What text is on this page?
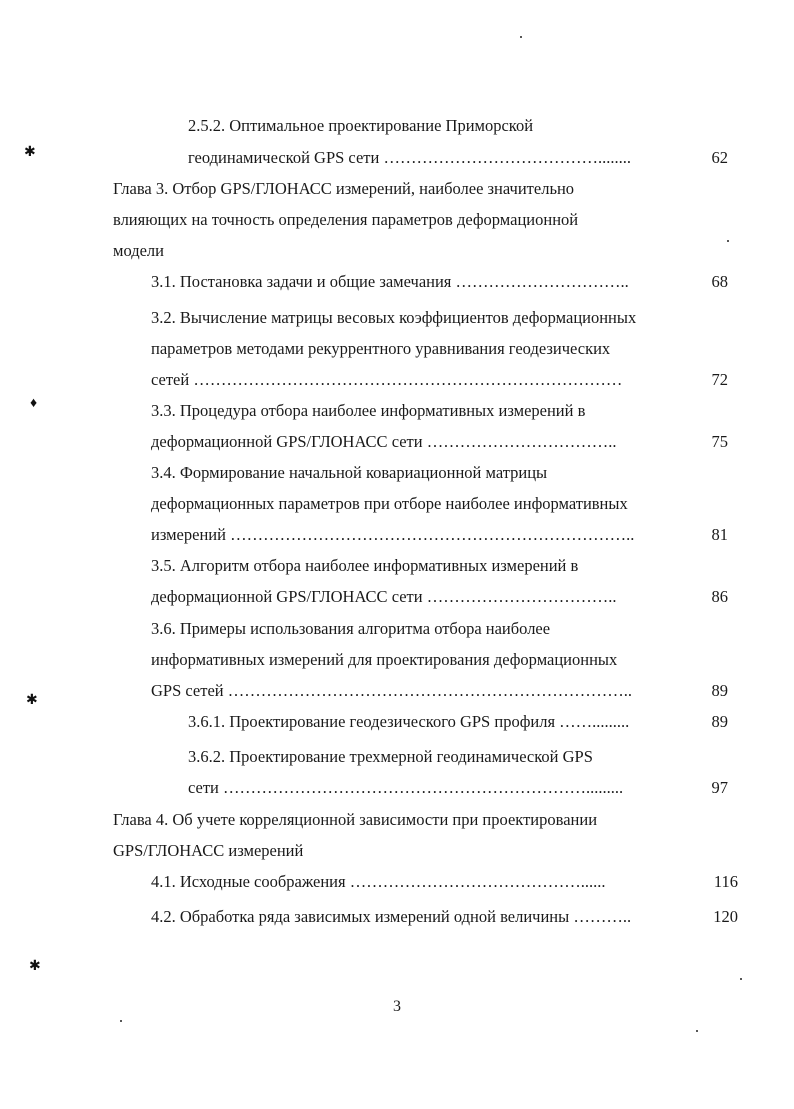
✱
♦
✱
✱
2.5.2. Оптимальное проектирование Приморской
геодинамической GPS сети …………………………………........	62
Глава 3. Отбор GPS/ГЛОНАСС измерений, наиболее значительно
влияющих на точность определения параметров деформационной
модели
3.1. Постановка задачи и общие замечания …………………………..	68
3.2. Вычисление матрицы весовых коэффициентов деформационных
параметров методами рекуррентного уравнивания геодезических
сетей ……………………………………………………………………	72
3.3. Процедура отбора наиболее информативных измерений в
деформационной GPS/ГЛОНАСС сети ……………………………..	75
3.4. Формирование начальной ковариационной матрицы
деформационных параметров при отборе наиболее информативных
измерений ………………………………………………………………..	81
3.5. Алгоритм отбора наиболее информативных измерений в
деформационной GPS/ГЛОНАСС сети ……………………………..	86
3.6. Примеры использования алгоритма отбора наиболее
информативных измерений для проектирования деформационных
GPS сетей ………………………………………………………………..	89
3.6.1. Проектирование геодезического GPS профиля …….........	89
3.6.2. Проектирование трехмерной геодинамической GPS
сети ………………………………………………………….........	97
Глава 4. Об учете корреляционной зависимости при проектировании
GPS/ГЛОНАСС измерений
4.1. Исходные соображения ……………………………………......	116
4.2. Обработка ряда зависимых измерений одной величины ………..	120
3
